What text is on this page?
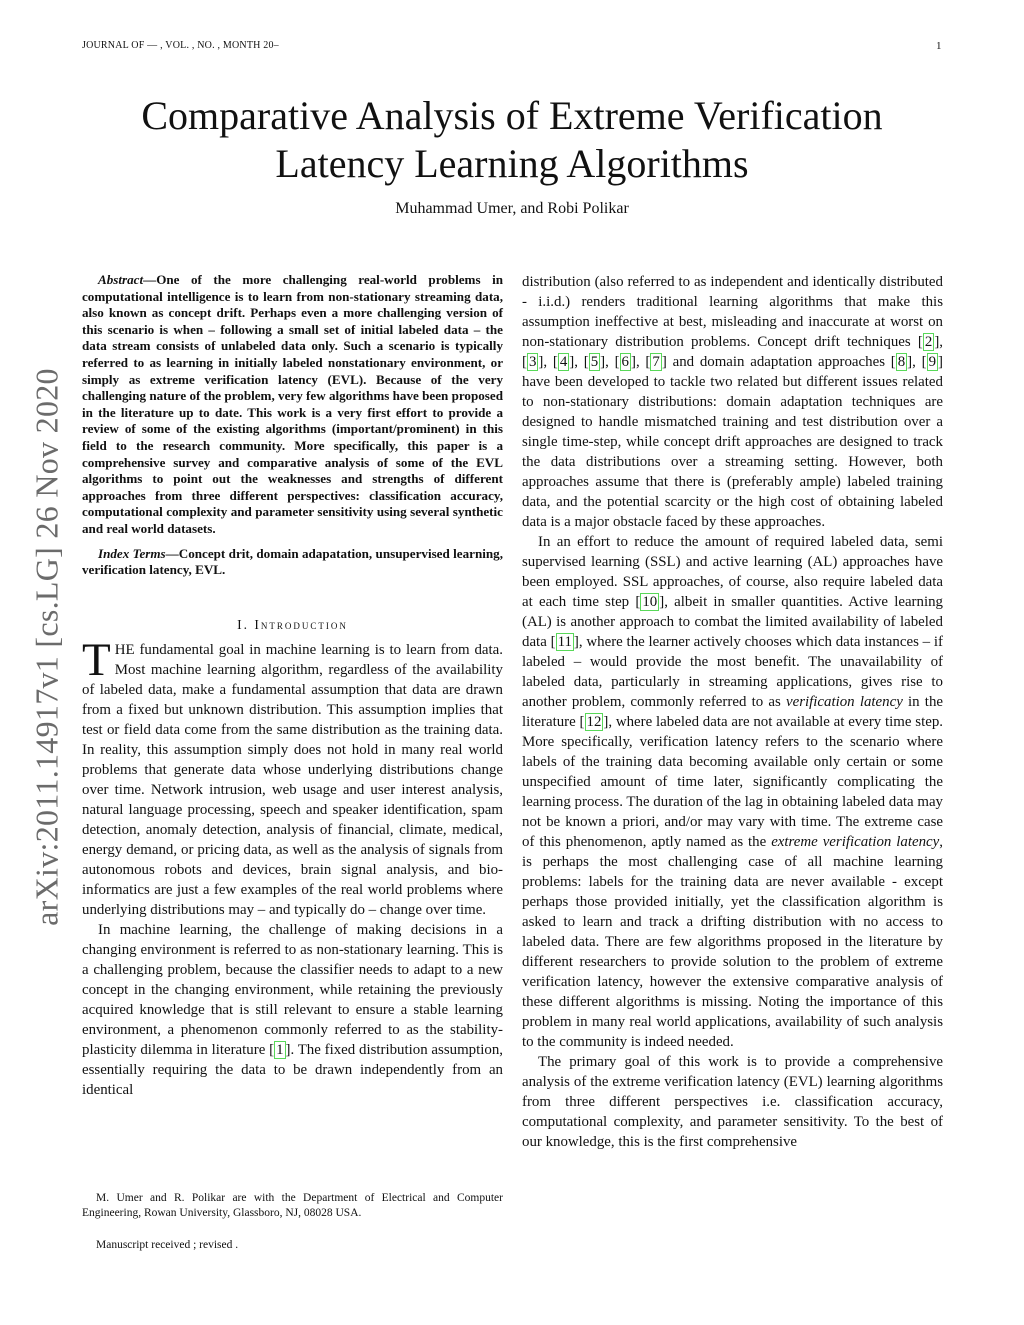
JOURNAL OF — , VOL. , NO. , MONTH 20–	1
arXiv:2011.14917v1 [cs.LG] 26 Nov 2020
Comparative Analysis of Extreme Verification
Latency Learning Algorithms
Muhammad Umer, and Robi Polikar

Abstract—One of the more challenging real-world problems in computational intelligence is to learn from non-stationary streaming data, also known as concept drift. Perhaps even a more challenging version of this scenario is when – following a small set of initial labeled data – the data stream consists of unlabeled data only. Such a scenario is typically referred to as learning in initially labeled nonstationary environment, or simply as extreme verification latency (EVL). Because of the very challenging nature of the problem, very few algorithms have been proposed in the literature up to date. This work is a very first effort to provide a review of some of the existing algorithms (important/prominent) in this field to the research community. More specifically, this paper is a comprehensive survey and comparative analysis of some of the EVL algorithms to point out the weaknesses and strengths of different approaches from three different perspectives: classification accuracy, computational complexity and parameter sensitivity using several synthetic and real world datasets.

Index Terms—Concept drit, domain adapatation, unsupervised learning, verification latency, EVL.

I. Introduction

THE fundamental goal in machine learning is to learn from data. Most machine learning algorithm, regardless of the availability of labeled data, make a fundamental assumption that data are drawn from a fixed but unknown distribution. This assumption implies that test or field data come from the same distribution as the training data. In reality, this assumption simply does not hold in many real world problems that generate data whose underlying distributions change over time. Network intrusion, web usage and user interest analysis, natural language processing, speech and speaker identification, spam detection, anomaly detection, analysis of financial, climate, medical, energy demand, or pricing data, as well as the analysis of signals from autonomous robots and devices, brain signal analysis, and bio-informatics are just a few examples of the real world problems where underlying distributions may – and typically do – change over time.

In machine learning, the challenge of making decisions in a changing environment is referred to as non-stationary learning. This is a challenging problem, because the classifier needs to adapt to a new concept in the changing environment, while retaining the previously acquired knowledge that is still relevant to ensure a stable learning environment, a phenomenon commonly referred to as the stability-plasticity dilemma in literature [ 1 ]. The fixed distribution assumption, essentially requiring the data to be drawn independently from an identical

distribution (also referred to as independent and identically distributed - i.i.d.) renders traditional learning algorithms that make this assumption ineffective at best, misleading and inaccurate at worst on non-stationary distribution problems. Concept drift techniques [ 2 ], [ 3 ], [ 4 ], [ 5 ], [ 6 ], [ 7 ] and domain adaptation approaches [ 8 ], [ 9 ] have been developed to tackle two related but different issues related to non-stationary distributions: domain adaptation techniques are designed to handle mismatched training and test distribution over a single time-step, while concept drift approaches are designed to track the data distributions over a streaming setting. However, both approaches assume that there is (preferably ample) labeled training data, and the potential scarcity or the high cost of obtaining labeled data is a major obstacle faced by these approaches.

In an effort to reduce the amount of required labeled data, semi supervised learning (SSL) and active learning (AL) approaches have been employed. SSL approaches, of course, also require labeled data at each time step [ 10 ], albeit in smaller quantities. Active learning (AL) is another approach to combat the limited availability of labeled data [ 11 ], where the learner actively chooses which data instances – if labeled – would provide the most benefit. The unavailability of labeled data, particularly in streaming applications, gives rise to another problem, commonly referred to as verification latency in the literature [ 12 ], where labeled data are not available at every time step. More specifically, verification latency refers to the scenario where labels of the training data becoming available only certain or some unspecified amount of time later, significantly complicating the learning process. The duration of the lag in obtaining labeled data may not be known a priori, and/or may vary with time. The extreme case of this phenomenon, aptly named as the extreme verification latency, is perhaps the most challenging case of all machine learning problems: labels for the training data are never available - except perhaps those provided initially, yet the classification algorithm is asked to learn and track a drifting distribution with no access to labeled data. There are few algorithms proposed in the literature by different researchers to provide solution to the problem of extreme verification latency, however the extensive comparative analysis of these different algorithms is missing. Noting the importance of this problem in many real world applications, availability of such analysis to the community is indeed needed.

The primary goal of this work is to provide a comprehensive analysis of the extreme verification latency (EVL) learning algorithms from three different perspectives i.e. classification accuracy, computational complexity, and parameter sensitivity. To the best of our knowledge, this is the first comprehensive

M. Umer and R. Polikar are with the Department of Electrical and Computer Engineering, Rowan University, Glassboro, NJ, 08028 USA.
Manuscript received ; revised .
